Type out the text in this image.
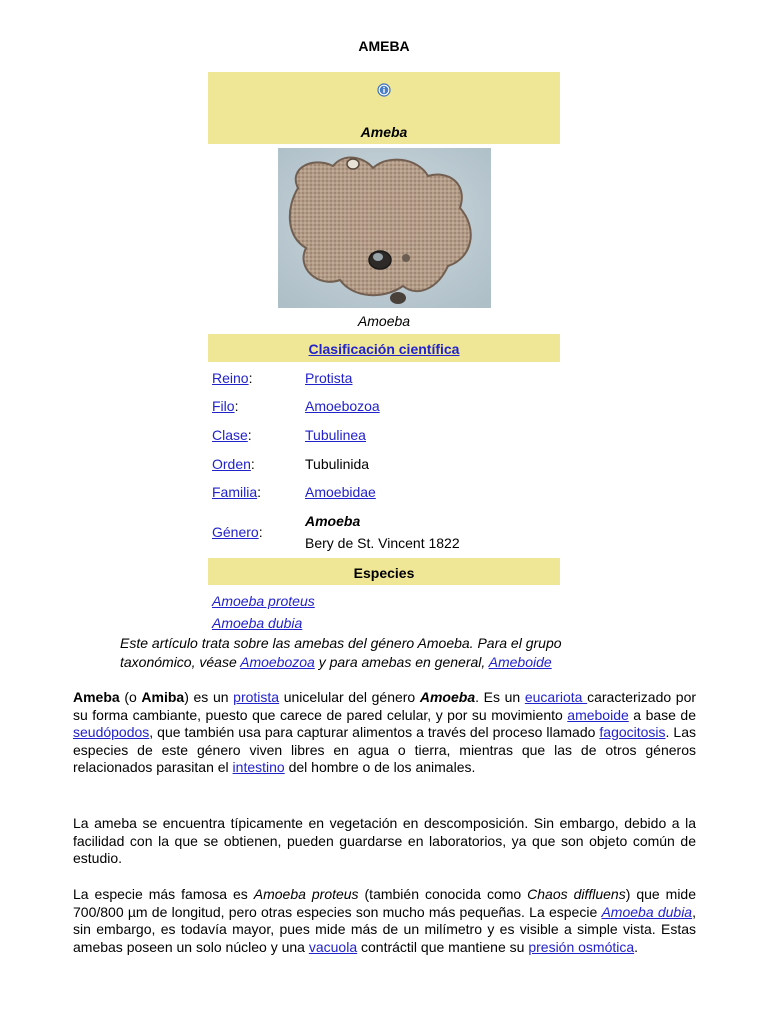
AMEBA
Ameba
Amoeba
Clasificación científica
Reino:	Protista
Filo:	Amoebozoa
Clase:	Tubulinea
Orden:	Tubulinida
Familia:	Amoebidae
Género:
Amoeba
Bery de St. Vincent 1822
Especies
Amoeba proteus
Amoeba dubia
Este artículo trata sobre las amebas del género Amoeba. Para el grupo taxonómico, véase Amoebozoa y para amebas en general, Ameboide
Ameba (o Amiba) es un protista unicelular del género Amoeba. Es un eucariota caracterizado por su forma cambiante, puesto que carece de pared celular, y por su movimiento ameboide a base de seudópodos, que también usa para capturar alimentos a través del proceso llamado fagocitosis. Las especies de este género viven libres en agua o tierra, mientras que las de otros géneros relacionados parasitan el intestino del hombre o de los animales.
La ameba se encuentra típicamente en vegetación en descomposición. Sin embargo, debido a la facilidad con la que se obtienen, pueden guardarse en laboratorios, ya que son objeto común de estudio.
La especie más famosa es Amoeba proteus (también conocida como Chaos diffluens) que mide 700/800 µm de longitud, pero otras especies son mucho más pequeñas. La especie Amoeba dubia, sin embargo, es todavía mayor, pues mide más de un milímetro y es visible a simple vista. Estas amebas poseen un solo núcleo y una vacuola contráctil que mantiene su presión osmótica.
